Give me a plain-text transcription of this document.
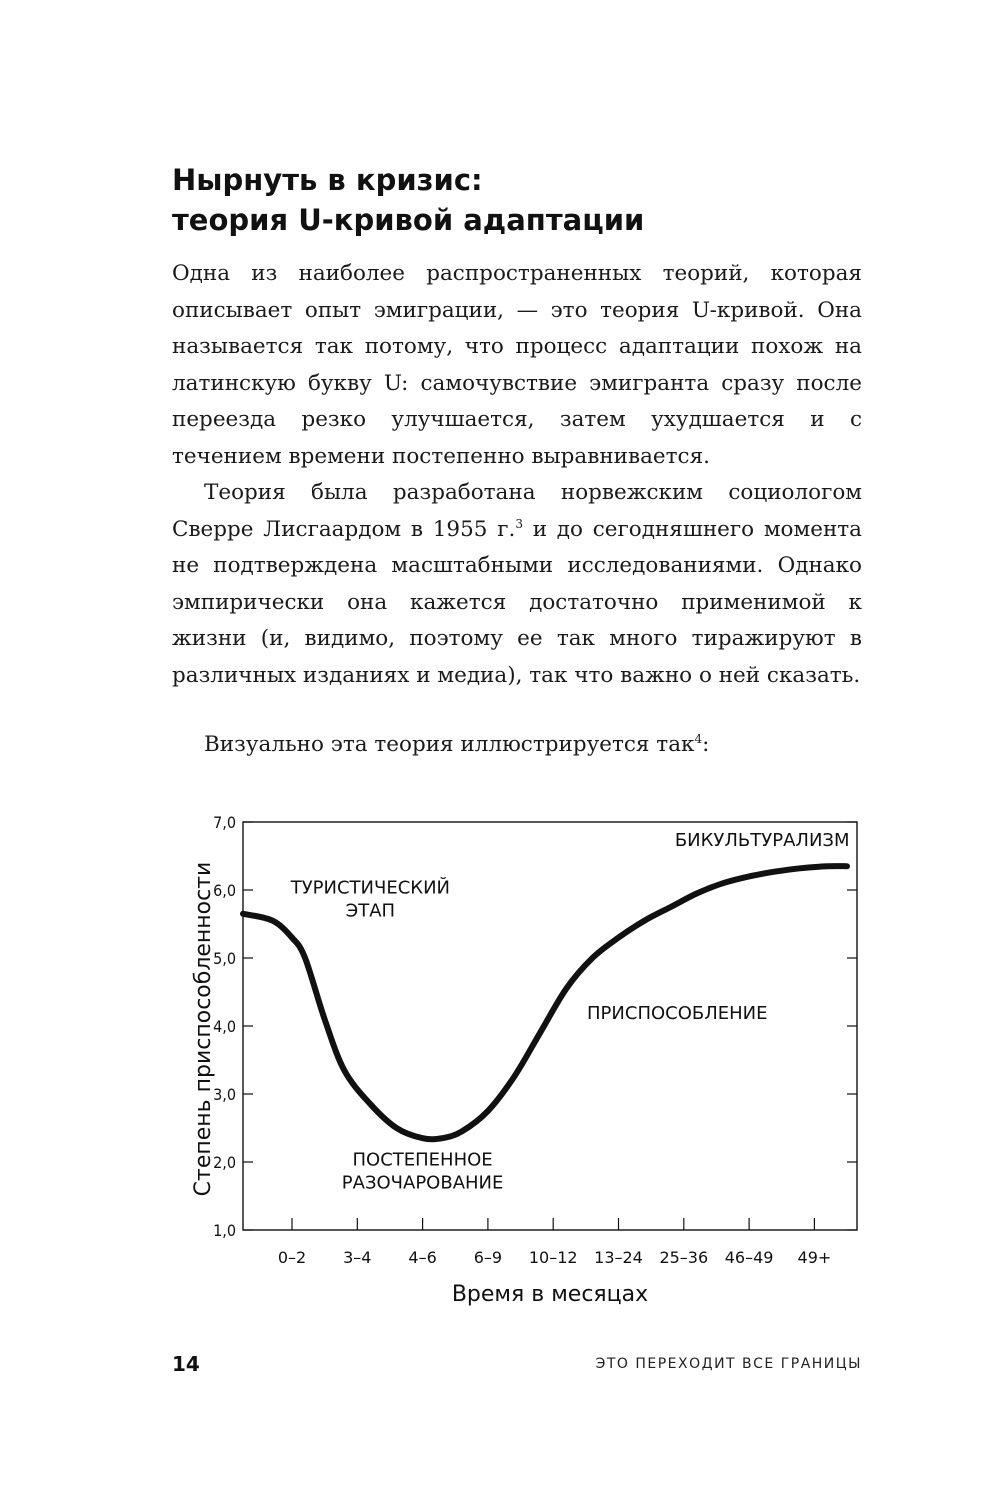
Нырнуть в кризис:
теория U-кривой адаптации

Одна из наиболее распространенных теорий, которая описывает опыт эмиграции, — это теория U-кривой. Она называется так потому, что процесс адаптации похож на латинскую букву U: самочувствие эмигранта сразу после переезда резко улучшается, затем ухудшается и с течением времени постепенно выравнивается.

Теория была разработана норвежским социологом Сверре Лисгаардом в 1955 г.$^3$ и до сегодняшнего момента не подтверждена масштабными исследованиями. Однако эмпирически она кажется достаточно применимой к жизни (и, видимо, поэтому ее так много тиражируют в различных изданиях и медиа), так что важно о ней сказать.

Визуально эта теория иллюстрируется так$^4$:

1,0
2,0
3,0
4,0
5,0
6,0
7,0
0–2 3–4 4–6 6–9 10–12 13–24 25–36 46–49 49+
Степень приспособленности
Время в месяцах
ТУРИСТИЧЕСКИЙ
ЭТАП
ПОСТЕПЕННОЕ
РАЗОЧАРОВАНИЕ
ПРИСПОСОБЛЕНИЕ
БИКУЛЬТУРАЛИЗМ
14	ЭТО ПЕРЕХОДИТ ВСЕ ГРАНИЦЫ
